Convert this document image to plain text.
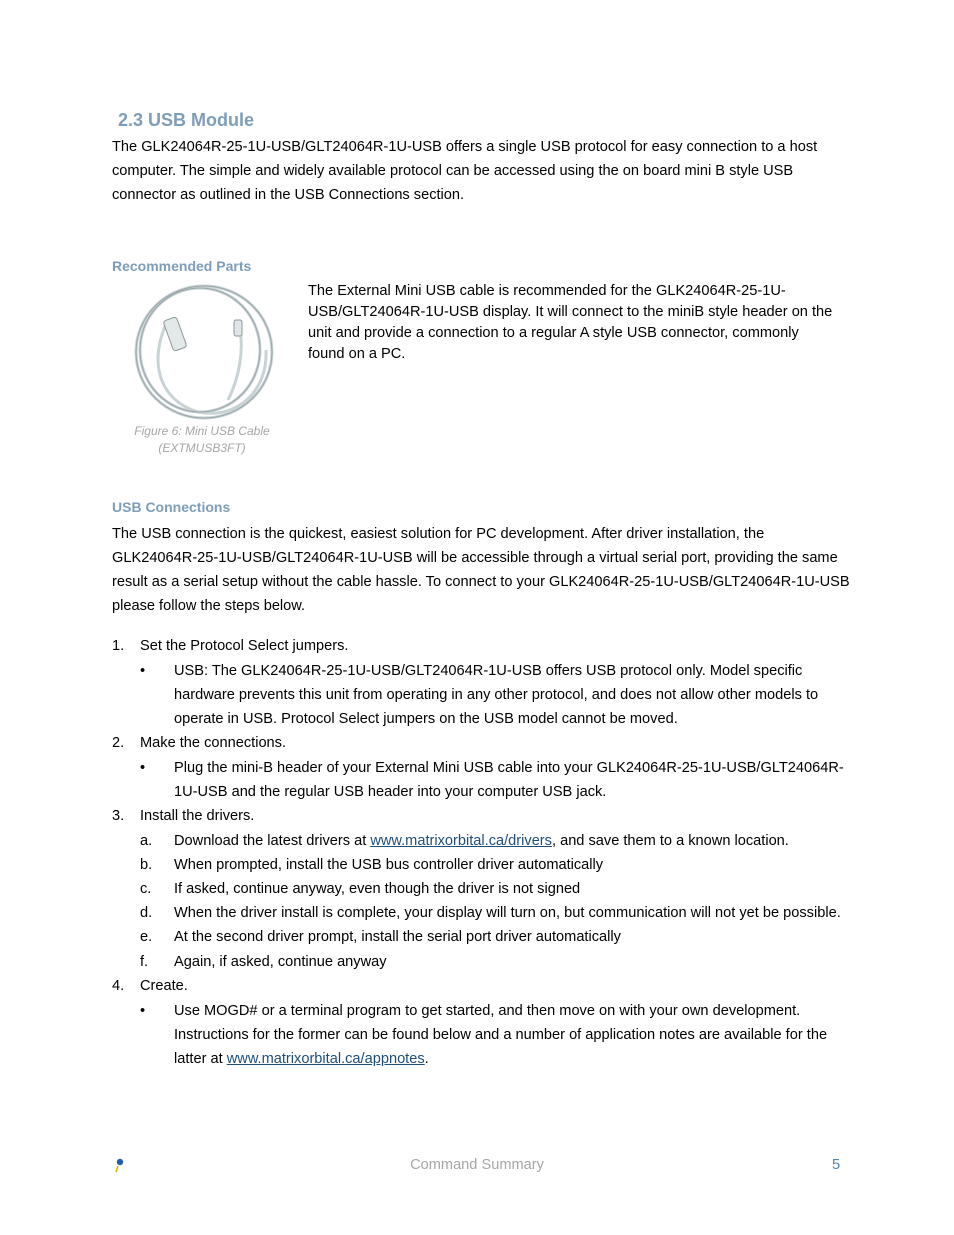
2.3 USB Module
The GLK24064R-25-1U-USB/GLT24064R-1U-USB offers a single USB protocol for easy connection to a host computer. The simple and widely available protocol can be accessed using the on board mini B style USB connector as outlined in the USB Connections section.
Recommended Parts
Figure 6: Mini USB Cable
(EXTMUSB3FT)
The External Mini USB cable is recommended for the GLK24064R-25-1U-USB/GLT24064R-1U-USB display. It will connect to the miniB style header on the unit and provide a connection to a regular A style USB connector, commonly found on a PC.
USB Connections
The USB connection is the quickest, easiest solution for PC development. After driver installation, the GLK24064R-25-1U-USB/GLT24064R-1U-USB will be accessible through a virtual serial port, providing the same result as a serial setup without the cable hassle. To connect to your GLK24064R-25-1U-USB/GLT24064R-1U-USB please follow the steps below.
1.	Set the Protocol Select jumpers.
• USB: The GLK24064R-25-1U-USB/GLT24064R-1U-USB offers USB protocol only. Model specific hardware prevents this unit from operating in any other protocol, and does not allow other models to operate in USB. Protocol Select jumpers on the USB model cannot be moved.
2.	Make the connections.
• Plug the mini-B header of your External Mini USB cable into your GLK24064R-25-1U-USB/GLT24064R-1U-USB and the regular USB header into your computer USB jack.
3.	Install the drivers.
a. Download the latest drivers at www.matrixorbital.ca/drivers, and save them to a known location.
b. When prompted, install the USB bus controller driver automatically
c. If asked, continue anyway, even though the driver is not signed
d. When the driver install is complete, your display will turn on, but communication will not yet be possible.
e. At the second driver prompt, install the serial port driver automatically
f. Again, if asked, continue anyway
4.	Create.
• Use MOGD# or a terminal program to get started, and then move on with your own development. Instructions for the former can be found below and a number of application notes are available for the latter at www.matrixorbital.ca/appnotes.
Command Summary	5
